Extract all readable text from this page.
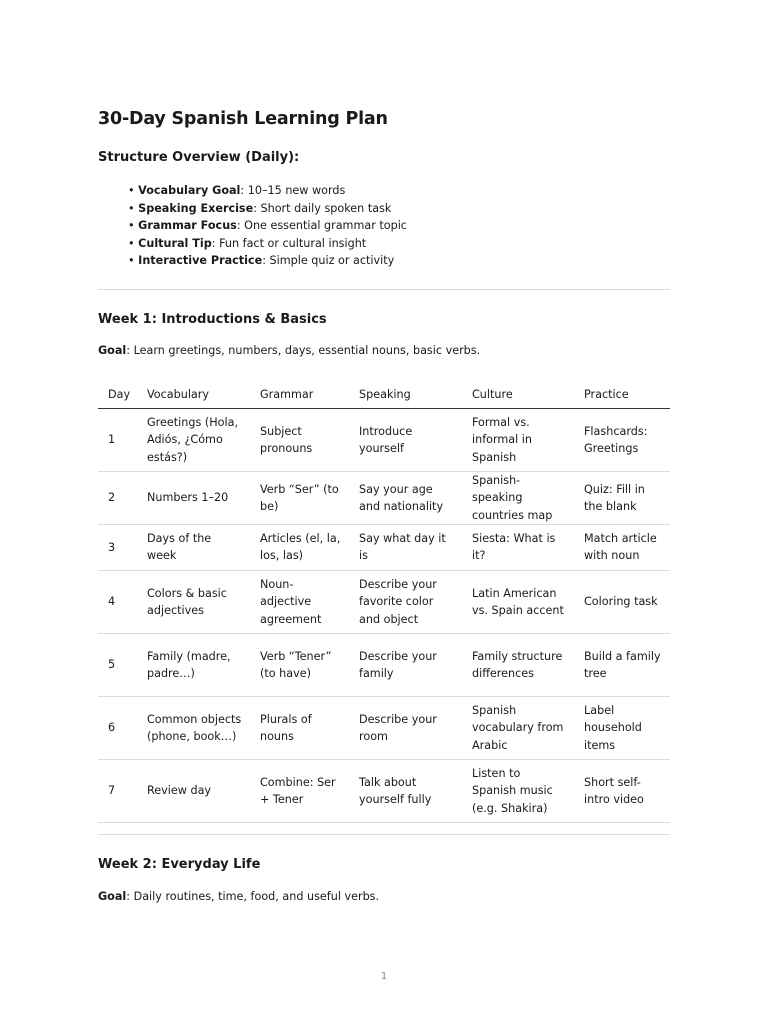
30-Day Spanish Learning Plan
Structure Overview (Daily):
• Vocabulary Goal: 10–15 new words
• Speaking Exercise: Short daily spoken task
• Grammar Focus: One essential grammar topic
• Cultural Tip: Fun fact or cultural insight
• Interactive Practice: Simple quiz or activity
Week 1: Introductions & Basics
Goal: Learn greetings, numbers, days, essential nouns, basic verbs.
Day	Vocabulary	Grammar	Speaking	Culture	Practice
1	Greetings (Hola, Adiós, ¿Cómo estás?)	Subject pronouns	Introduce yourself	Formal vs. informal in Spanish	Flashcards: Greetings
2	Numbers 1–20	Verb “Ser” (to be)	Say your age and nationality	Spanish-speaking countries map	Quiz: Fill in the blank
3	Days of the week	Articles (el, la, los, las)	Say what day it is	Siesta: What is it?	Match article with noun
4	Colors & basic adjectives	Noun-adjective agreement	Describe your favorite color and object	Latin American vs. Spain accent	Coloring task
5	Family (madre, padre…)	Verb “Tener” (to have)	Describe your family	Family structure differences	Build a family tree
6	Common objects (phone, book…)	Plurals of nouns	Describe your room	Spanish vocabulary from Arabic	Label household items
7	Review day	Combine: Ser + Tener	Talk about yourself fully	Listen to Spanish music (e.g. Shakira)	Short self-intro video
Week 2: Everyday Life
Goal: Daily routines, time, food, and useful verbs.
1
